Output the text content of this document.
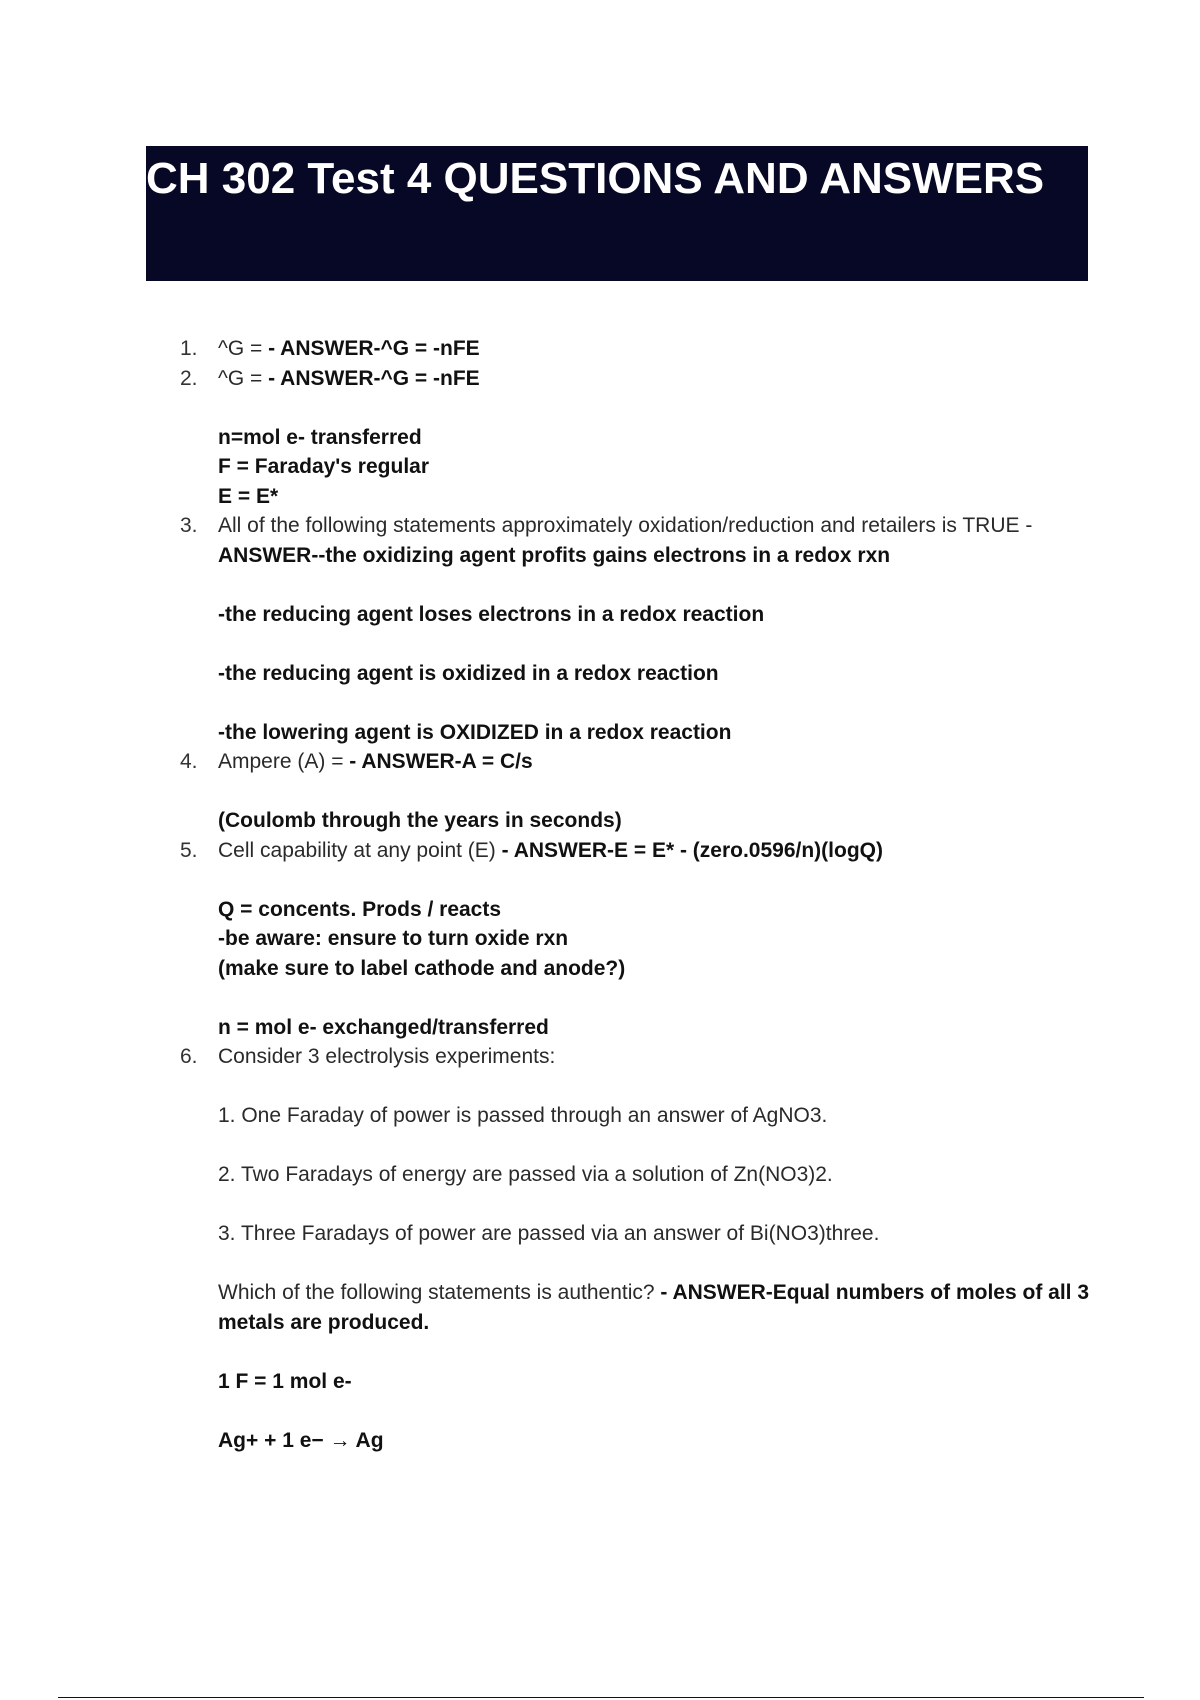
CH 302 Test 4 QUESTIONS AND ANSWERS
1. ^G = - ANSWER-^G = -nFE
2. ^G = - ANSWER-^G = -nFE
n=mol e- transferred
F = Faraday's regular
E = E*
3. All of the following statements approximately oxidation/reduction and retailers is TRUE - ANSWER--the oxidizing agent profits gains electrons in a redox rxn
-the reducing agent loses electrons in a redox reaction
-the reducing agent is oxidized in a redox reaction
-the lowering agent is OXIDIZED in a redox reaction
4. Ampere (A) = - ANSWER-A = C/s
(Coulomb through the years in seconds)
5. Cell capability at any point (E) - ANSWER-E = E* - (zero.0596/n)(logQ)
Q = concents. Prods / reacts
-be aware: ensure to turn oxide rxn
(make sure to label cathode and anode?)
n = mol e- exchanged/transferred
6. Consider 3 electrolysis experiments:
1. One Faraday of power is passed through an answer of AgNO3.
2. Two Faradays of energy are passed via a solution of Zn(NO3)2.
3. Three Faradays of power are passed via an answer of Bi(NO3)three.
Which of the following statements is authentic? - ANSWER-Equal numbers of moles of all 3 metals are produced.
1 F = 1 mol e-
Ag+ + 1 e− → Ag
